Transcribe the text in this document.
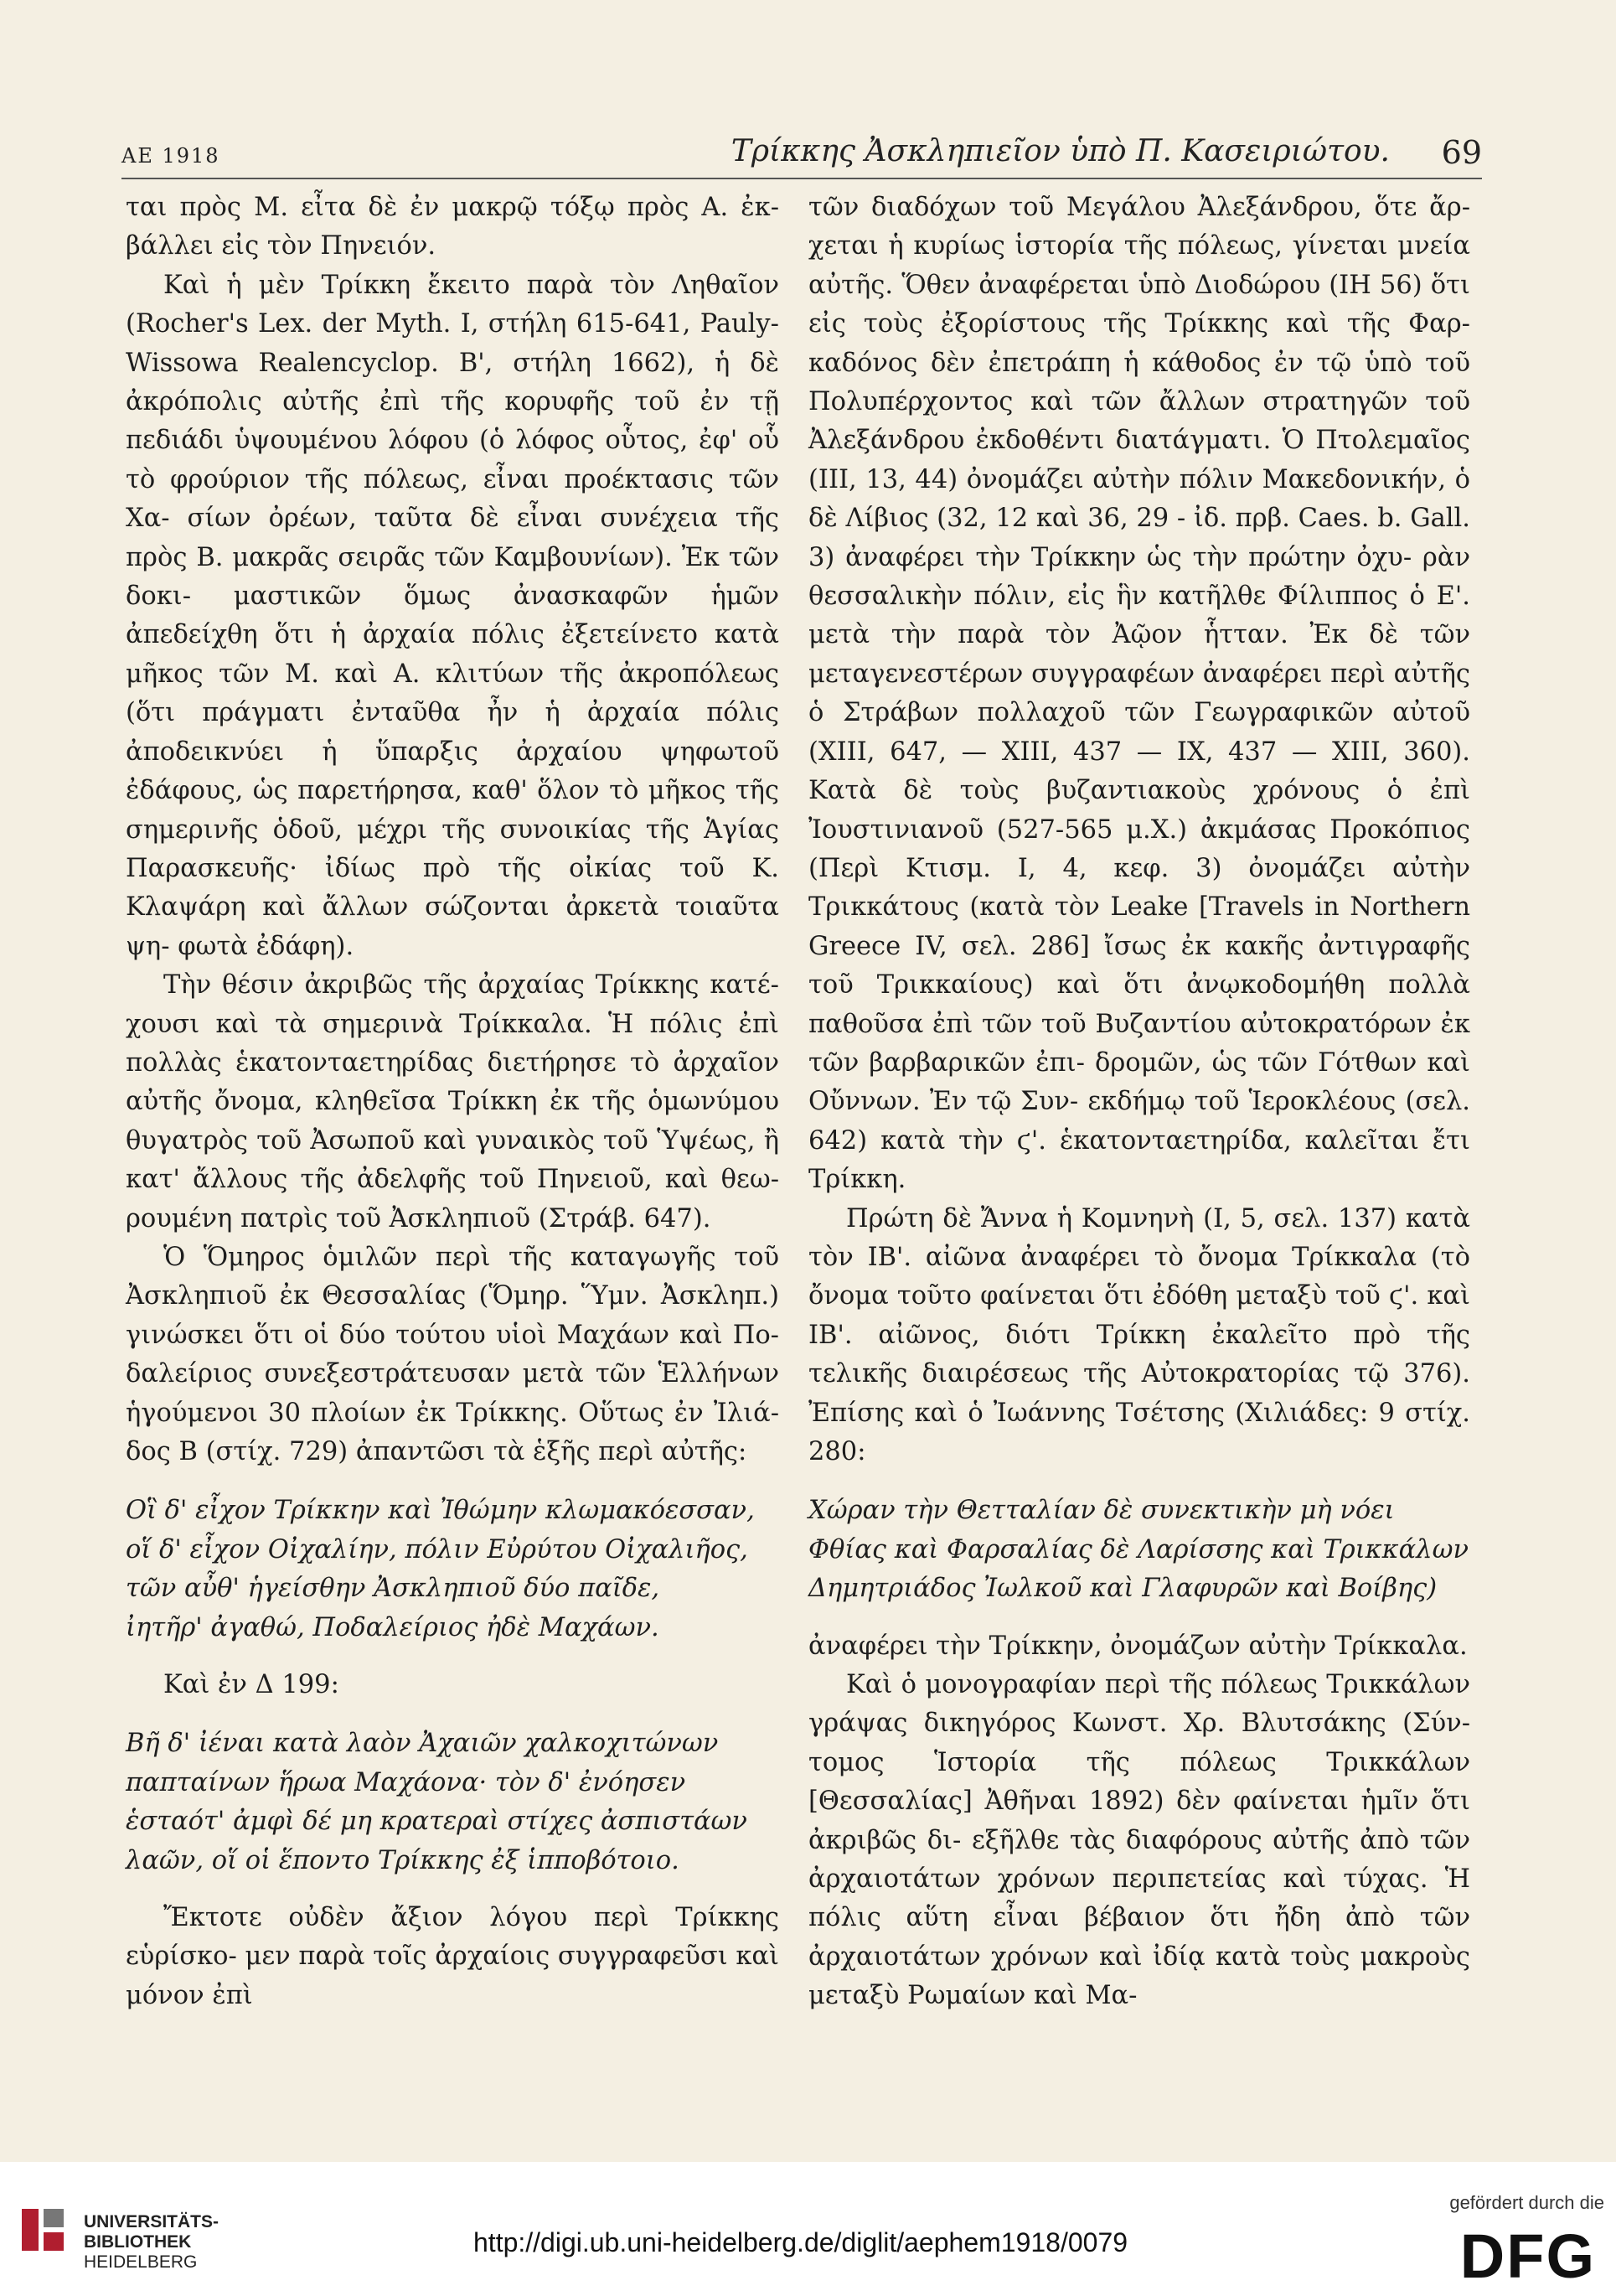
ΑΕ 1918	Τρίκκης Ἀσκληπιεῖον ὑπὸ Π. Κασειριώτου. 69

ται πρὸς Μ. εἶτα δὲ ἐν μακρῷ τόξῳ πρὸς Α. ἐκ- βάλλει εἰς τὸν Πηνειόν.

Καὶ ἡ μὲν Τρίκκη ἔκειτο παρὰ τὸν Ληθαῖον (Rocher's Lex. der Myth. I, στήλη 615-641, Pauly-Wissowa Realencyclop. Β', στήλη 1662), ἡ δὲ ἀκρόπολις αὐτῆς ἐπὶ τῆς κορυφῆς τοῦ ἐν τῇ πεδιάδι ὑψουμένου λόφου (ὁ λόφος οὗτος, ἐφ' οὗ τὸ φρούριον τῆς πόλεως, εἶναι προέκτασις τῶν Χα- σίων ὀρέων, ταῦτα δὲ εἶναι συνέχεια τῆς πρὸς Β. μακρᾶς σειρᾶς τῶν Καμβουνίων). Ἐκ τῶν δοκι- μαστικῶν ὅμως ἀνασκαφῶν ἡμῶν ἀπεδείχθη ὅτι ἡ ἀρχαία πόλις ἐξετείνετο κατὰ μῆκος τῶν Μ. καὶ Α. κλιτύων τῆς ἀκροπόλεως (ὅτι πράγματι ἐνταῦθα ἦν ἡ ἀρχαία πόλις ἀποδεικνύει ἡ ὕπαρξις ἀρχαίου ψηφωτοῦ ἐδάφους, ὡς παρετήρησα, καθ' ὅλον τὸ μῆκος τῆς σημερινῆς ὁδοῦ, μέχρι τῆς συνοικίας τῆς Ἁγίας Παρασκευῆς· ἰδίως πρὸ τῆς οἰκίας τοῦ Κ. Κλαψάρη καὶ ἄλλων σώζονται ἀρκετὰ τοιαῦτα ψη- φωτὰ ἐδάφη).

Τὴν θέσιν ἀκριβῶς τῆς ἀρχαίας Τρίκκης κατέ- χουσι καὶ τὰ σημερινὰ Τρίκκαλα. Ἡ πόλις ἐπὶ πολλὰς ἑκατονταετηρίδας διετήρησε τὸ ἀρχαῖον αὐτῆς ὄνομα, κληθεῖσα Τρίκκη ἐκ τῆς ὁμωνύμου θυγατρὸς τοῦ Ἀσωποῦ καὶ γυναικὸς τοῦ Ὑψέως, ἢ κατ' ἄλλους τῆς ἀδελφῆς τοῦ Πηνειοῦ, καὶ θεω- ρουμένη πατρὶς τοῦ Ἀσκληπιοῦ (Στράβ. 647).

Ὁ Ὅμηρος ὁμιλῶν περὶ τῆς καταγωγῆς τοῦ Ἀσκληπιοῦ ἐκ Θεσσαλίας (Ὅμηρ. Ὕμν. Ἀσκληπ.) γινώσκει ὅτι οἱ δύο τούτου υἱοὶ Μαχάων καὶ Πο- δαλείριος συνεξεστράτευσαν μετὰ τῶν Ἑλλήνων ἡγούμενοι 30 πλοίων ἐκ Τρίκκης. Οὕτως ἐν Ἰλιά- δος Β (στίχ. 729) ἀπαντῶσι τὰ ἑξῆς περὶ αὐτῆς:

Οἳ δ' εἶχον Τρίκκην καὶ Ἰθώμην κλωμακόεσσαν,
οἵ δ' εἶχον Οἰχαλίην, πόλιν Εὐρύτου Οἰχαλιῆος,
τῶν αὖθ' ἡγείσθην Ἀσκληπιοῦ δύο παῖδε,
ἰητῆρ' ἀγαθώ, Ποδαλείριος ἠδὲ Μαχάων.

Καὶ ἐν Δ 199:

Βῆ δ' ἰέναι κατὰ λαὸν Ἀχαιῶν χαλκοχιτώνων
παπταίνων ἥρωα Μαχάονα· τὸν δ' ἐνόησεν
ἑσταότ' ἀμφὶ δέ μη κρατεραὶ στίχες ἀσπιστάων
λαῶν, οἵ οἱ ἕποντο Τρίκκης ἐξ ἱπποβότοιο.

Ἔκτοτε οὐδὲν ἄξιον λόγου περὶ Τρίκκης εὑρίσκο- μεν παρὰ τοῖς ἀρχαίοις συγγραφεῦσι καὶ μόνον ἐπὶ

τῶν διαδόχων τοῦ Μεγάλου Ἀλεξάνδρου, ὅτε ἄρ- χεται ἡ κυρίως ἱστορία τῆς πόλεως, γίνεται μνεία αὐτῆς. Ὅθεν ἀναφέρεται ὑπὸ Διοδώρου (ΙΗ 56) ὅτι εἰς τοὺς ἐξορίστους τῆς Τρίκκης καὶ τῆς Φαρ- καδόνος δὲν ἐπετράπη ἡ κάθοδος ἐν τῷ ὑπὸ τοῦ Πολυπέρχοντος καὶ τῶν ἄλλων στρατηγῶν τοῦ Ἀλεξάνδρου ἐκδοθέντι διατάγματι. Ὁ Πτολεμαῖος (ΙΙΙ, 13, 44) ὀνομάζει αὐτὴν πόλιν Μακεδονικήν, ὁ δὲ Λίβιος (32, 12 καὶ 36, 29 - ἰδ. πρβ. Caes. b. Gall. 3) ἀναφέρει τὴν Τρίκκην ὡς τὴν πρώτην ὀχυ- ρὰν θεσσαλικὴν πόλιν, εἰς ἣν κατῆλθε Φίλιππος ὁ Ε'. μετὰ τὴν παρὰ τὸν Ἀῷον ἧτταν. Ἐκ δὲ τῶν μεταγενεστέρων συγγραφέων ἀναφέρει περὶ αὐτῆς ὁ Στράβων πολλαχοῦ τῶν Γεωγραφικῶν αὐτοῦ (ΧΙΙΙ, 647, — ΧΙΙΙ, 437 — ΙΧ, 437 — ΧΙΙΙ, 360). Κατὰ δὲ τοὺς βυζαντιακοὺς χρόνους ὁ ἐπὶ Ἰουστινιανοῦ (527-565 μ.Χ.) ἀκμάσας Προκόπιος (Περὶ Κτισμ. Ι, 4, κεφ. 3) ὀνομάζει αὐτὴν Τρικκάτους (κατὰ τὸν Leake [Travels in Northern Greece IV, σελ. 286] ἴσως ἐκ κακῆς ἀντιγραφῆς τοῦ Τρικκαίους) καὶ ὅτι ἀνῳκοδομήθη πολλὰ παθοῦσα ἐπὶ τῶν τοῦ Βυζαντίου αὐτοκρατόρων ἐκ τῶν βαρβαρικῶν ἐπι- δρομῶν, ὡς τῶν Γότθων καὶ Οὔννων. Ἐν τῷ Συν- εκδήμῳ τοῦ Ἱεροκλέους (σελ. 642) κατὰ τὴν ϛ'. ἑκατονταετηρίδα, καλεῖται ἔτι Τρίκκη.

Πρώτη δὲ Ἄννα ἡ Κομνηνὴ (Ι, 5, σελ. 137) κατὰ τὸν ΙΒ'. αἰῶνα ἀναφέρει τὸ ὄνομα Τρίκκαλα (τὸ ὄνομα τοῦτο φαίνεται ὅτι ἐδόθη μεταξὺ τοῦ ϛ'. καὶ ΙΒ'. αἰῶνος, διότι Τρίκκη ἐκαλεῖτο πρὸ τῆς τελικῆς διαιρέσεως τῆς Αὐτοκρατορίας τῷ 376). Ἐπίσης καὶ ὁ Ἰωάννης Τσέτσης (Χιλιάδες: 9 στίχ. 280:

Χώραν τὴν Θετταλίαν δὲ συνεκτικὴν μὴ νόει
Φθίας καὶ Φαρσαλίας δὲ Λαρίσσης καὶ Τρικκάλων
Δημητριάδος Ἰωλκοῦ καὶ Γλαφυρῶν καὶ Βοίβης)

ἀναφέρει τὴν Τρίκκην, ὀνομάζων αὐτὴν Τρίκκαλα.

Καὶ ὁ μονογραφίαν περὶ τῆς πόλεως Τρικκάλων γράψας δικηγόρος Κωνστ. Χρ. Βλυτσάκης (Σύν- τομος Ἱστορία τῆς πόλεως Τρικκάλων [Θεσσαλίας] Ἀθῆναι 1892) δὲν φαίνεται ἡμῖν ὅτι ἀκριβῶς δι- εξῆλθε τὰς διαφόρους αὐτῆς ἀπὸ τῶν ἀρχαιοτάτων χρόνων περιπετείας καὶ τύχας. Ἡ πόλις αὕτη εἶναι βέβαιον ὅτι ἤδη ἀπὸ τῶν ἀρχαιοτάτων χρόνων καὶ ἰδίᾳ κατὰ τοὺς μακροὺς μεταξὺ Ρωμαίων καὶ Μα-

UNIVERSITÄTS-
BIBLIOTHEK
HEIDELBERG
http://digi.ub.uni-heidelberg.de/diglit/aephem1918/0079
gefördert durch die
DFG
